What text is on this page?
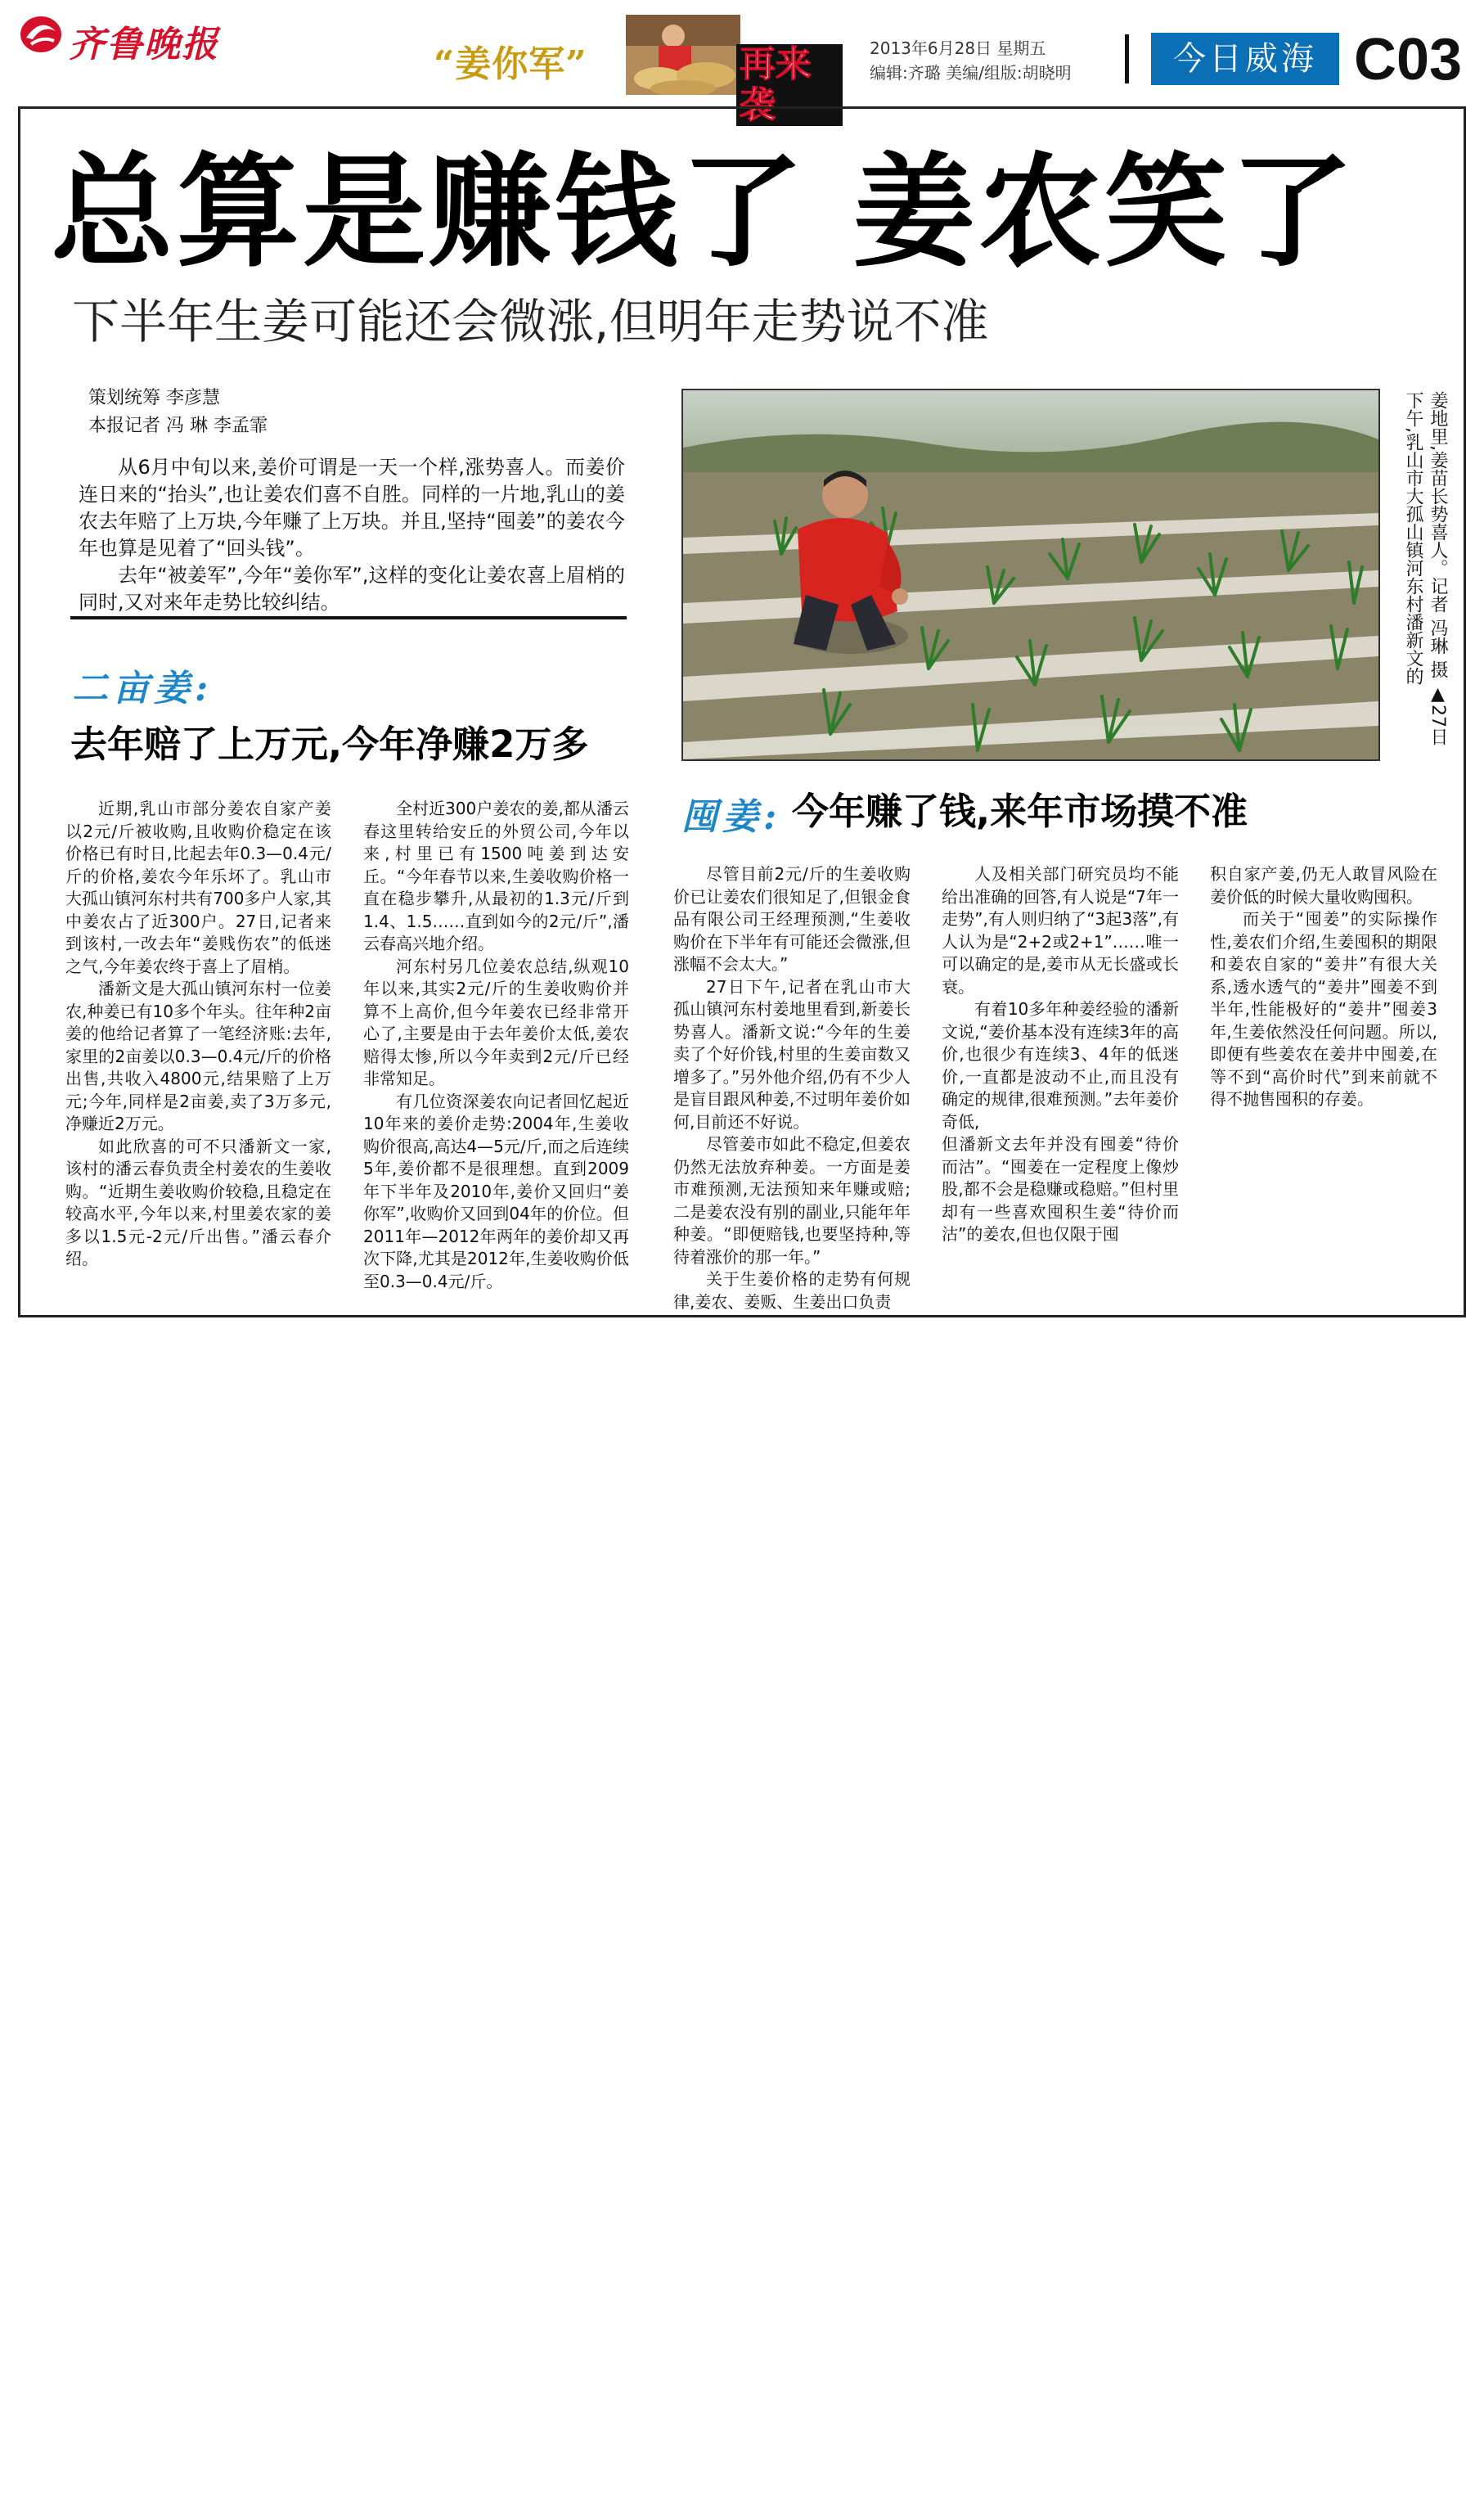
齐鲁晚报	“姜你军”	再来袭
2013年6月28日 星期五
编辑:齐璐 美编/组版:胡晓明	今日威海 C03
总算是赚钱了 姜农笑了
下半年生姜可能还会微涨,但明年走势说不准
策划统筹 李彦慧
本报记者 冯 琳 李孟霏

从6月中旬以来,姜价可谓是一天一个样,涨势喜人。而姜价连日来的“抬头”,也让姜农们喜不自胜。同样的一片地,乳山的姜农去年赔了上万块,今年赚了上万块。并且,坚持“囤姜”的姜农今年也算是见着了“回头钱”。

去年“被姜军”,今年“姜你军”,这样的变化让姜农喜上眉梢的同时,又对来年走势比较纠结。

二亩姜:
去年赔了上万元,今年净赚2万多

近期,乳山市部分姜农自家产姜以2元/斤被收购,且收购价稳定在该价格已有时日,比起去年0.3—0.4元/斤的价格,姜农今年乐坏了。乳山市大孤山镇河东村共有700多户人家,其中姜农占了近300户。27日,记者来到该村,一改去年“姜贱伤农”的低迷之气,今年姜农终于喜上了眉梢。

潘新文是大孤山镇河东村一位姜农,种姜已有10多个年头。往年种2亩姜的他给记者算了一笔经济账:去年,家里的2亩姜以0.3—0.4元/斤的价格出售,共收入4800元,结果赔了上万元;今年,同样是2亩姜,卖了3万多元,净赚近2万元。

如此欣喜的可不只潘新文一家,该村的潘云春负责全村姜农的生姜收购。“近期生姜收购价较稳,且稳定在较高水平,今年以来,村里姜农家的姜多以1.5元-2元/斤出售。”潘云春介绍。

全村近300户姜农的姜,都从潘云春这里转给安丘的外贸公司,今年以来,村里已有1500吨姜到达安丘。“今年春节以来,生姜收购价格一直在稳步攀升,从最初的1.3元/斤到1.4、1.5……直到如今的2元/斤”,潘云春高兴地介绍。

河东村另几位姜农总结,纵观10年以来,其实2元/斤的生姜收购价并算不上高价,但今年姜农已经非常开心了,主要是由于去年姜价太低,姜农赔得太惨,所以今年卖到2元/斤已经非常知足。

有几位资深姜农向记者回忆起近10年来的姜价走势:2004年,生姜收购价很高,高达4—5元/斤,而之后连续5年,姜价都不是很理想。直到2009年下半年及2010年,姜价又回归“姜你军”,收购价又回到04年的价位。但2011年—2012年两年的姜价却又再次下降,尤其是2012年,生姜收购价低至0.3—0.4元/斤。

姜地里,姜苗长势喜人。记者 冯琳 摄 ▲27日下午,乳山市大孤山镇河东村潘新文的
囤姜: 今年赚了钱,来年市场摸不准

尽管目前2元/斤的生姜收购价已让姜农们很知足了,但银金食品有限公司王经理预测,“生姜收购价在下半年有可能还会微涨,但涨幅不会太大。”

27日下午,记者在乳山市大孤山镇河东村姜地里看到,新姜长势喜人。潘新文说:“今年的生姜卖了个好价钱,村里的生姜亩数又增多了。”另外他介绍,仍有不少人是盲目跟风种姜,不过明年姜价如何,目前还不好说。

尽管姜市如此不稳定,但姜农仍然无法放弃种姜。一方面是姜市难预测,无法预知来年赚或赔;二是姜农没有别的副业,只能年年种姜。“即便赔钱,也要坚持种,等待着涨价的那一年。”

关于生姜价格的走势有何规律,姜农、姜贩、生姜出口负责

人及相关部门研究员均不能给出准确的回答,有人说是“7年一走势”,有人则归纳了“3起3落”,有人认为是“2+2或2+1”……唯一可以确定的是,姜市从无长盛或长衰。

有着10多年种姜经验的潘新文说,“姜价基本没有连续3年的高价,也很少有连续3、4年的低迷价,一直都是波动不止,而且没有确定的规律,很难预测。”去年姜价奇低,

但潘新文去年并没有囤姜“待价而沽”。“囤姜在一定程度上像炒股,都不会是稳赚或稳赔。”但村里却有一些喜欢囤积生姜“待价而沽”的姜农,但也仅限于囤

积自家产姜,仍无人敢冒风险在姜价低的时候大量收购囤积。

而关于“囤姜”的实际操作性,姜农们介绍,生姜囤积的期限和姜农自家的“姜井”有很大关系,透水透气的“姜井”囤姜不到半年,性能极好的“姜井”囤姜3年,生姜依然没任何问题。所以,即便有些姜农在姜井中囤姜,在等不到“高价时代”到来前就不得不抛售囤积的存姜。
